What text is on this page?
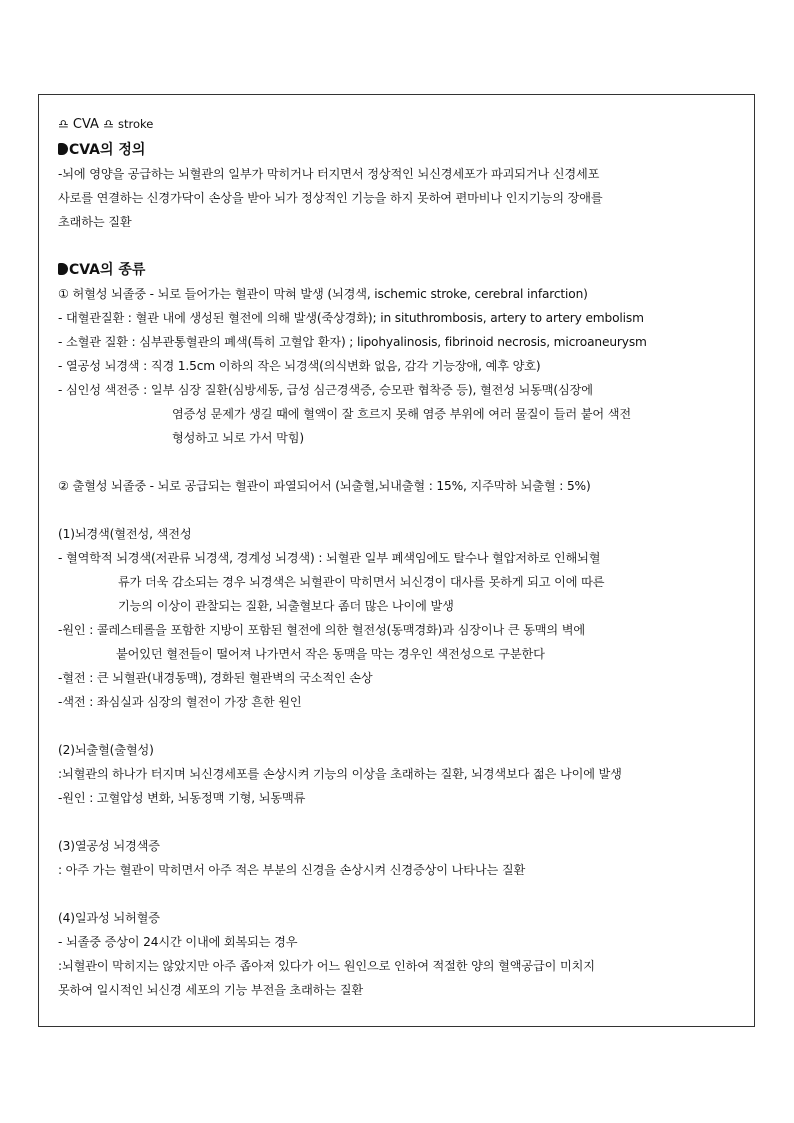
♎ CVA ♎ stroke
CVA의 정의
-뇌에 영양을 공급하는 뇌혈관의 일부가 막히거나 터지면서 정상적인 뇌신경세포가 파괴되거나 신경세포
사로를 연결하는 신경가닥이 손상을 받아 뇌가 정상적인 기능을 하지 못하여 편마비나 인지기능의 장애를
초래하는 질환
CVA의 종류
① 허혈성 뇌졸중 - 뇌로 들어가는 혈관이 막혀 발생 (뇌경색, ischemic stroke, cerebral infarction)
- 대혈관질환 : 혈관 내에 생성된 혈전에 의해 발생(죽상경화); in situthrombosis, artery to artery embolism
- 소혈관 질환 : 심부관통혈관의 폐색(특히 고혈압 환자) ; lipohyalinosis, fibrinoid necrosis, microaneurysm
- 열공성 뇌경색 : 직경 1.5cm 이하의 작은 뇌경색(의식변화 없음, 감각 기능장애, 예후 양호)
- 심인성 색전증 : 일부 심장 질환(심방세동, 급성 심근경색증, 승모판 협착증 등), 혈전성 뇌동맥(심장에
염증성 문제가 생길 때에 혈액이 잘 흐르지 못해 염증 부위에 여러 물질이 들러 붙어 색전
형성하고 뇌로 가서 막힘)
② 출혈성 뇌졸중 - 뇌로 공급되는 혈관이 파열되어서 (뇌출혈,뇌내출혈 : 15%, 지주막하 뇌출혈 : 5%)
(1)뇌경색(혈전성, 색전성
- 혈역학적 뇌경색(저관류 뇌경색, 경계성 뇌경색) : 뇌혈관 일부 폐색임에도 탈수나 혈압저하로 인해뇌혈
류가 더욱 감소되는 경우 뇌경색은 뇌혈관이 막히면서 뇌신경이 대사를 못하게 되고 이에 따른
기능의 이상이 관찰되는 질환, 뇌출혈보다 좀더 많은 나이에 발생
-원인 : 콜레스테롤을 포함한 지방이 포함된 혈전에 의한 혈전성(동맥경화)과 심장이나 큰 동맥의 벽에
붙어있던 혈전들이 떨어져 나가면서 작은 동맥을 막는 경우인 색전성으로 구분한다
-혈전 : 큰 뇌혈관(내경동맥), 경화된 혈관벽의 국소적인 손상
-색전 : 좌심실과 심장의 혈전이 가장 흔한 원인
(2)뇌출혈(출혈성)
:뇌혈관의 하나가 터지며 뇌신경세포를 손상시켜 기능의 이상을 초래하는 질환, 뇌경색보다 젊은 나이에 발생
-원인 : 고혈압성 변화, 뇌동정맥 기형, 뇌동맥류
(3)열공성 뇌경색증
: 아주 가는 혈관이 막히면서 아주 적은 부분의 신경을 손상시켜 신경증상이 나타나는 질환
(4)일과성 뇌허혈증
- 뇌졸중 증상이 24시간 이내에 회복되는 경우
:뇌혈관이 막히지는 않았지만 아주 좁아져 있다가 어느 원인으로 인하여 적절한 양의 혈액공급이 미치지
못하여 일시적인 뇌신경 세포의 기능 부전을 초래하는 질환
